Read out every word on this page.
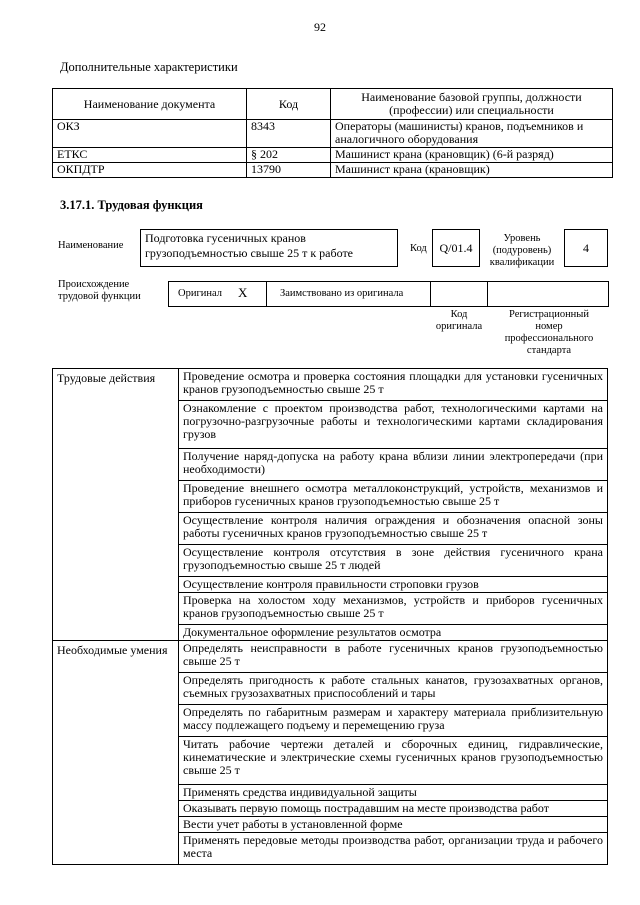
92
Дополнительные характеристики
Наименование документа	Код	Наименование базовой группы, должности (профессии) или специальности
ОКЗ	8343	Операторы (машинисты) кранов, подъемников и аналогичного оборудования
ЕТКС	§ 202	Машинист крана (крановщик) (6-й разряд)
ОКПДТР	13790	Машинист крана (крановщик)
3.17.1. Трудовая функция
Наименование
Подготовка гусеничных кранов грузоподъемностью свыше 25 т к работе	Код	Q/01.4
Уровень (подуровень) квалификации
4
Происхождение трудовой функции	Оригинал X	Заимствовано из оригинала
Код оригинала
Регистрационный номер профессионального стандарта
Трудовые действия	Проведение осмотра и проверка состояния площадки для установки гусеничных кранов грузоподъемностью свыше 25 т
	Ознакомление с проектом производства работ, технологическими картами на погрузочно-разгрузочные работы и технологическими картами складирования грузов
	Получение наряд-допуска на работу крана вблизи линии электропередачи (при необходимости)
	Проведение внешнего осмотра металлоконструкций, устройств, механизмов и приборов гусеничных кранов грузоподъемностью свыше 25 т
	Осуществление контроля наличия ограждения и обозначения опасной зоны работы гусеничных кранов грузоподъемностью свыше 25 т
	Осуществление контроля отсутствия в зоне действия гусеничного крана грузоподъемностью свыше 25 т людей
	Осуществление контроля правильности строповки грузов
	Проверка на холостом ходу механизмов, устройств и приборов гусеничных кранов грузоподъемностью свыше 25 т
	Документальное оформление результатов осмотра
Необходимые умения	Определять неисправности в работе гусеничных кранов грузоподъемностью свыше 25 т
	Определять пригодность к работе стальных канатов, грузозахватных органов, съемных грузозахватных приспособлений и тары
	Определять по габаритным размерам и характеру материала приблизительную массу подлежащего подъему и перемещению груза
	Читать рабочие чертежи деталей и сборочных единиц, гидравлические, кинематические и электрические схемы гусеничных кранов грузоподъемностью свыше 25 т
	Применять средства индивидуальной защиты
	Оказывать первую помощь пострадавшим на месте производства работ
	Вести учет работы в установленной форме
	Применять передовые методы производства работ, организации труда и рабочего места
